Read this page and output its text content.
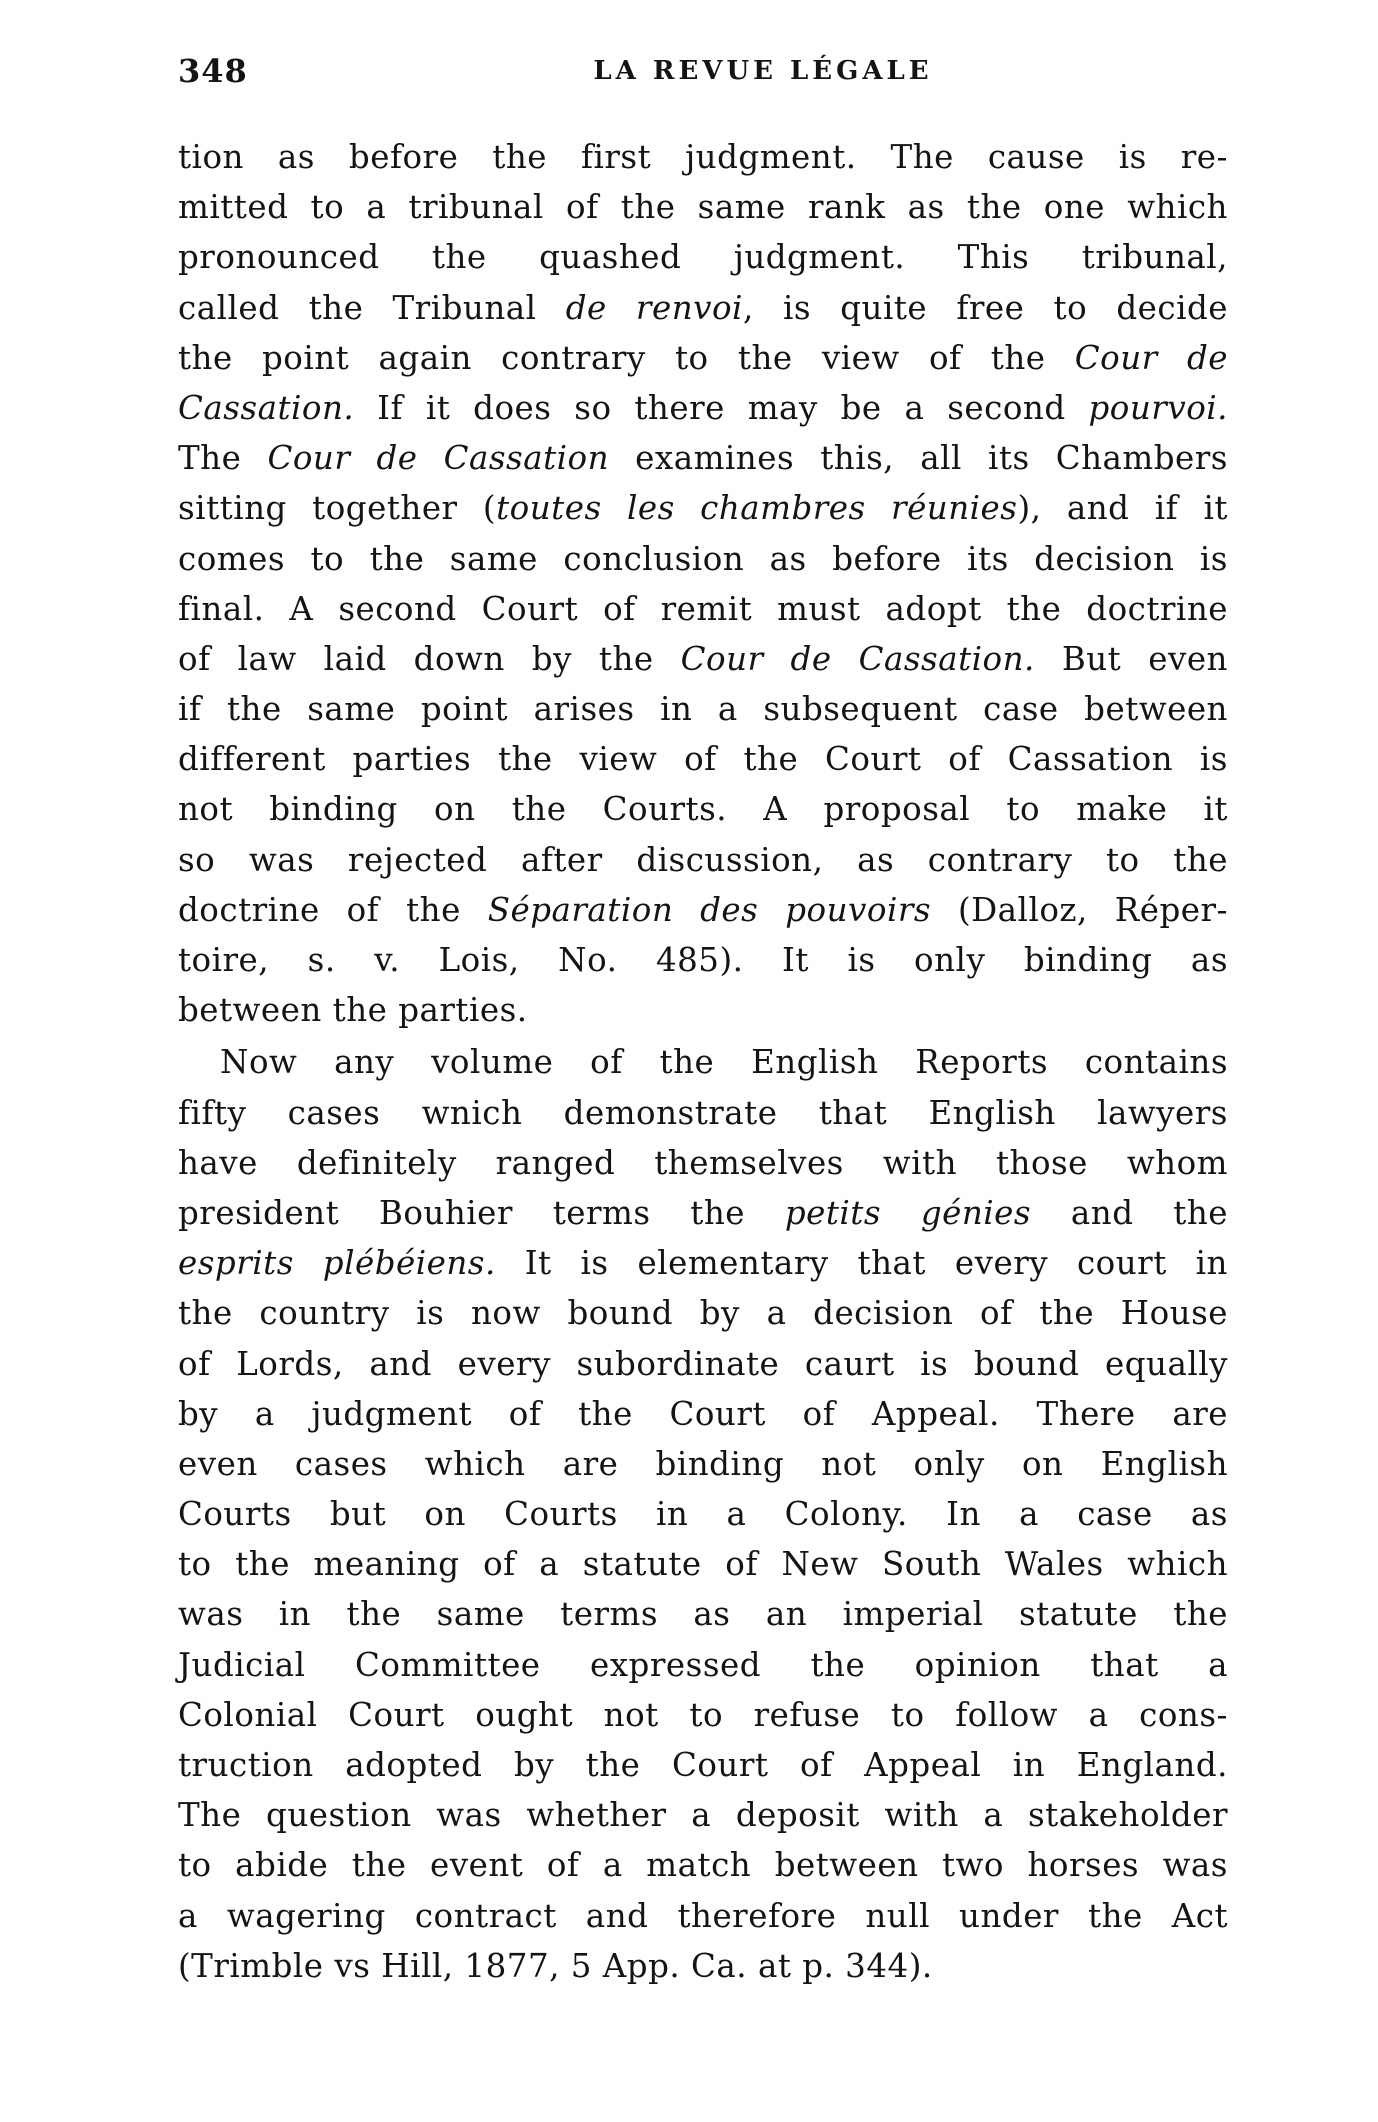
348	LA REVUE LÉGALE
tion as before the first judgment. The cause is re-
mitted to a tribunal of the same rank as the one which
pronounced the quashed judgment. This tribunal,
called the Tribunal de renvoi, is quite free to decide
the point again contrary to the view of the Cour de
Cassation. If it does so there may be a second pourvoi.
The Cour de Cassation examines this, all its Chambers
sitting together (toutes les chambres réunies), and if it
comes to the same conclusion as before its decision is
final. A second Court of remit must adopt the doctrine
of law laid down by the Cour de Cassation. But even
if the same point arises in a subsequent case between
different parties the view of the Court of Cassation is
not binding on the Courts. A proposal to make it
so was rejected after discussion, as contrary to the
doctrine of the Séparation des pouvoirs (Dalloz, Réper-
toire, s. v. Lois, No. 485). It is only binding as
between the parties.
Now any volume of the English Reports contains
fifty cases wnich demonstrate that English lawyers
have definitely ranged themselves with those whom
president Bouhier terms the petits génies and the
esprits plébéiens. It is elementary that every court in
the country is now bound by a decision of the House
of Lords, and every subordinate caurt is bound equally
by a judgment of the Court of Appeal. There are
even cases which are binding not only on English
Courts but on Courts in a Colony. In a case as
to the meaning of a statute of New South Wales which
was in the same terms as an imperial statute the
Judicial Committee expressed the opinion that a
Colonial Court ought not to refuse to follow a cons-
truction adopted by the Court of Appeal in England.
The question was whether a deposit with a stakeholder
to abide the event of a match between two horses was
a wagering contract and therefore null under the Act
(Trimble vs Hill, 1877, 5 App. Ca. at p. 344).
